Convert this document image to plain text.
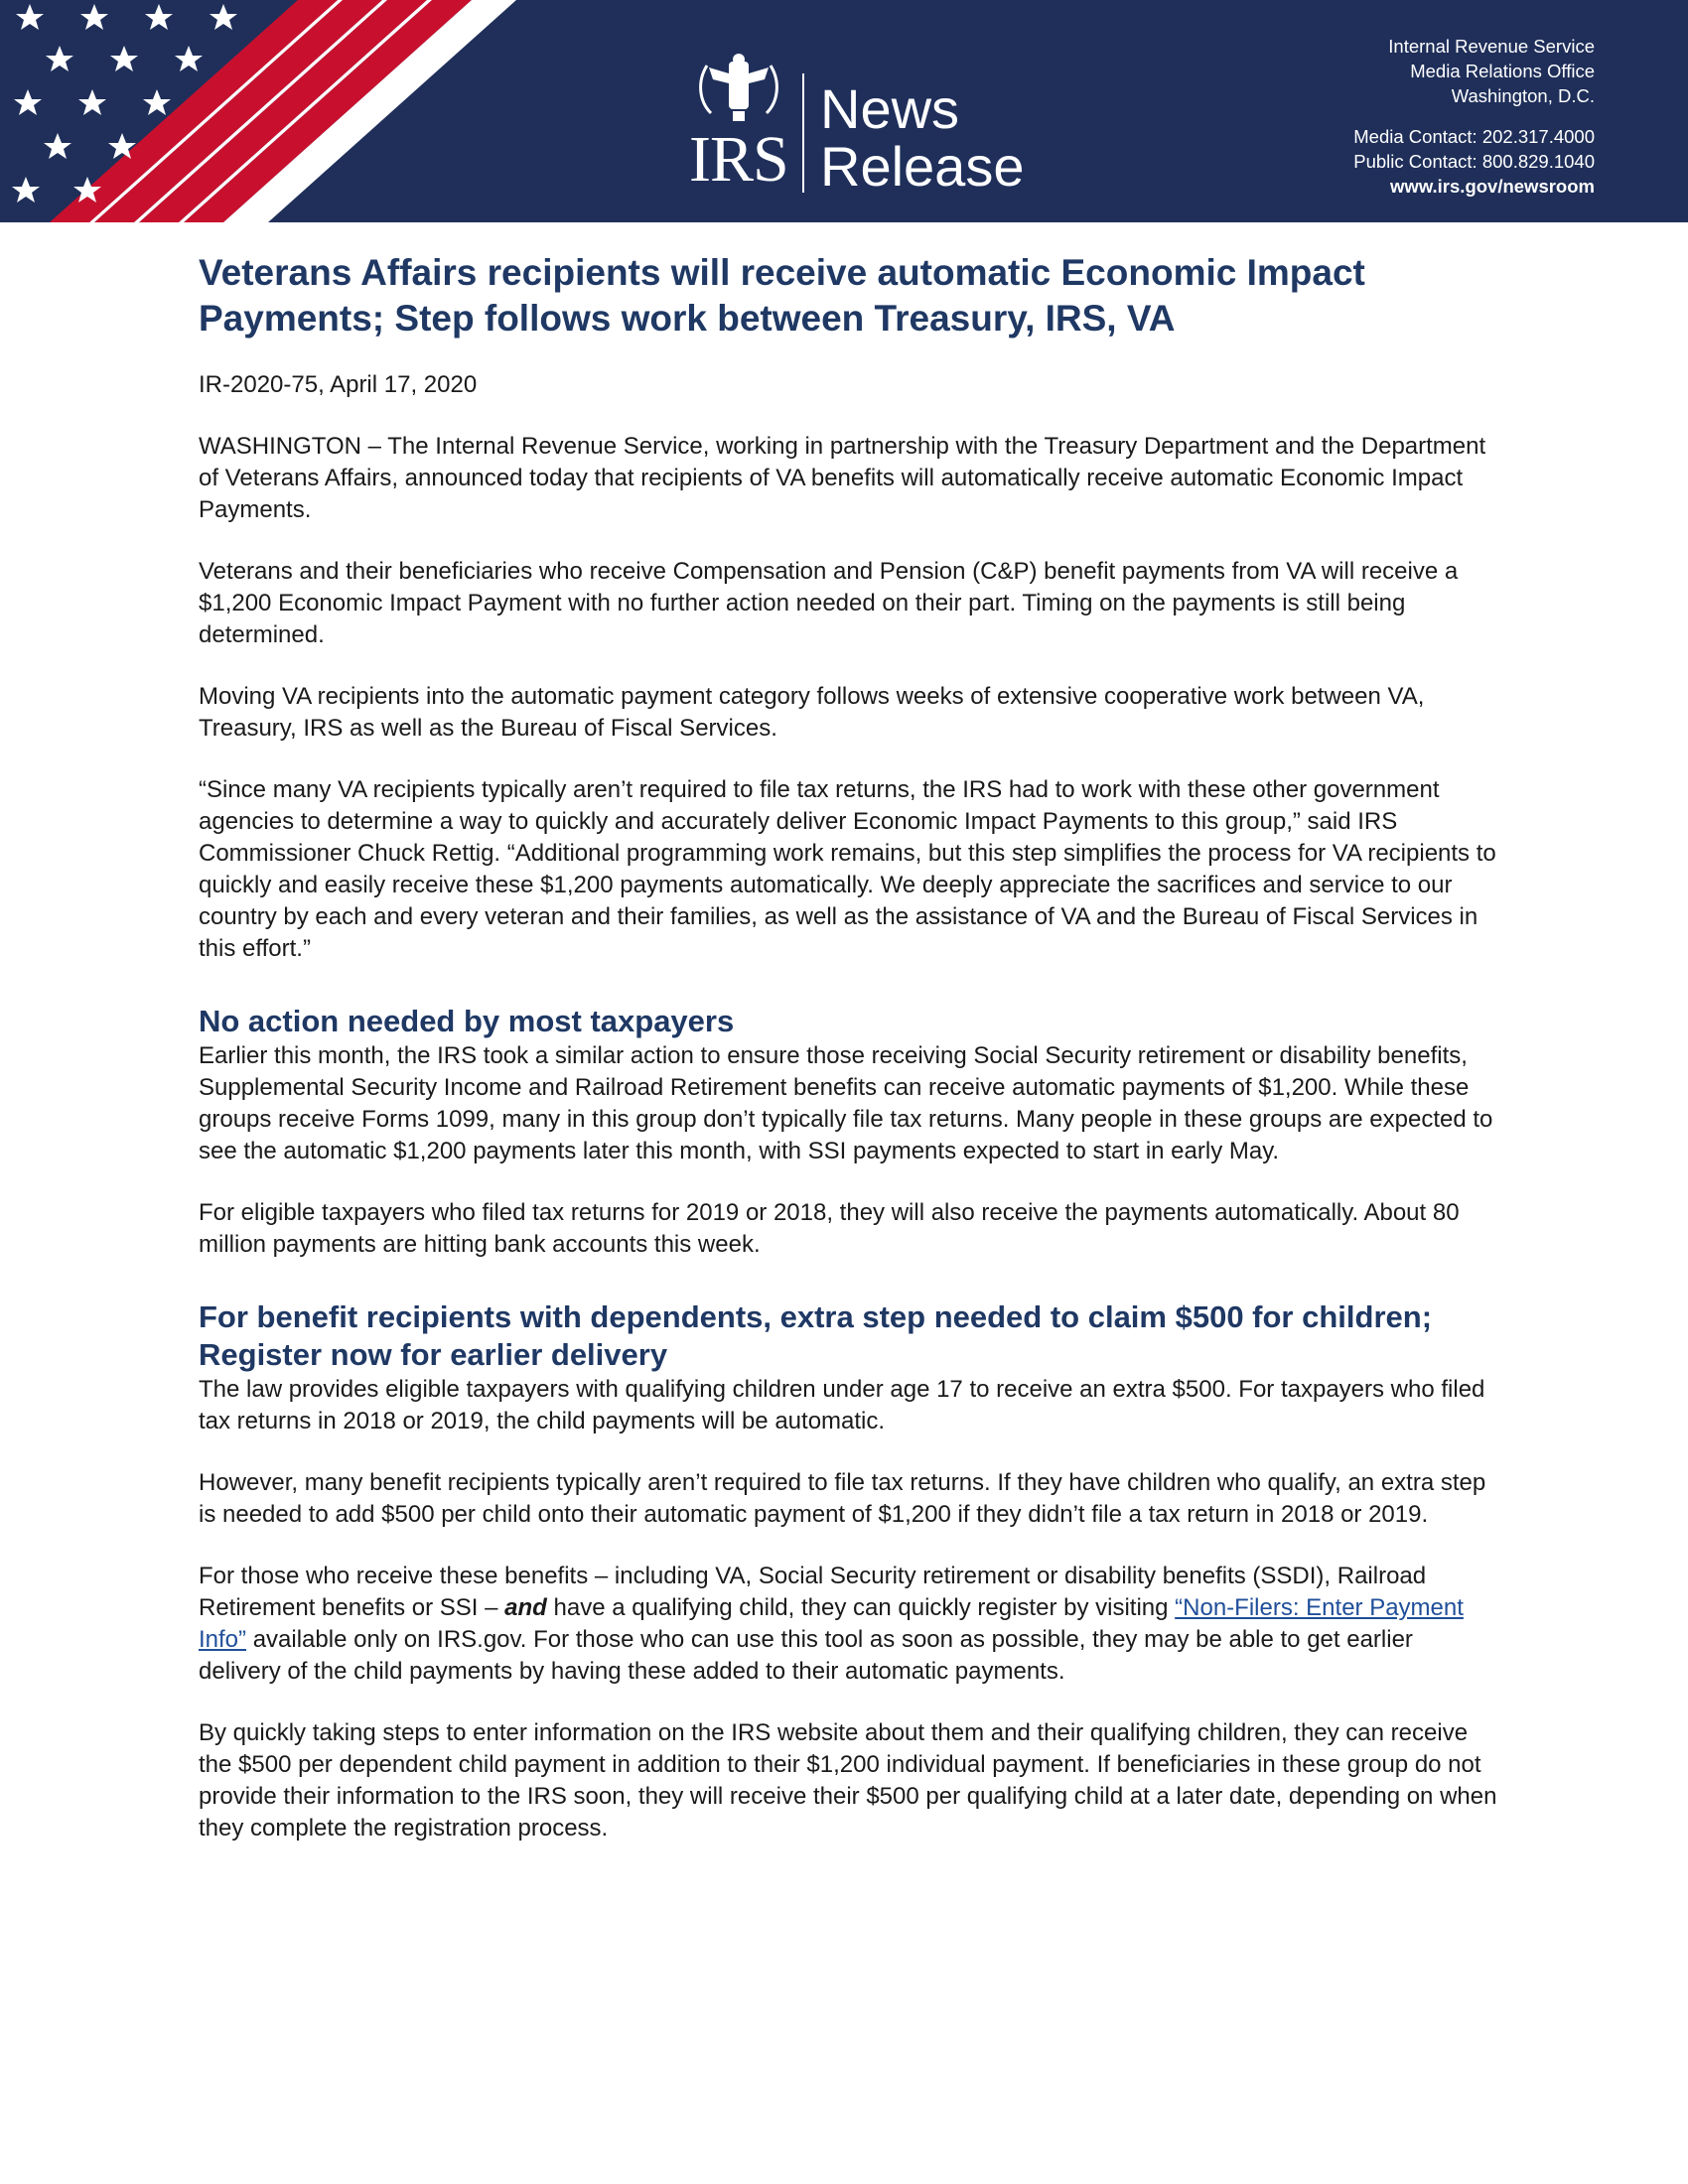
IRS
News
Release
Internal Revenue Service
Media Relations Office
Washington, D.C.
Media Contact: 202.317.4000
Public Contact: 800.829.1040
www.irs.gov/newsroom
Veterans Affairs recipients will receive automatic Economic Impact Payments; Step follows work between Treasury, IRS, VA
IR-2020-75, April 17, 2020

WASHINGTON – The Internal Revenue Service, working in partnership with the Treasury Department and the Department of Veterans Affairs, announced today that recipients of VA benefits will automatically receive automatic Economic Impact Payments.

Veterans and their beneficiaries who receive Compensation and Pension (C&P) benefit payments from VA will receive a $1,200 Economic Impact Payment with no further action needed on their part. Timing on the payments is still being determined.

Moving VA recipients into the automatic payment category follows weeks of extensive cooperative work between VA, Treasury, IRS as well as the Bureau of Fiscal Services.

“Since many VA recipients typically aren’t required to file tax returns, the IRS had to work with these other government agencies to determine a way to quickly and accurately deliver Economic Impact Payments to this group,” said IRS Commissioner Chuck Rettig. “Additional programming work remains, but this step simplifies the process for VA recipients to quickly and easily receive these $1,200 payments automatically. We deeply appreciate the sacrifices and service to our country by each and every veteran and their families, as well as the assistance of VA and the Bureau of Fiscal Services in this effort.”

No action needed by most taxpayers

Earlier this month, the IRS took a similar action to ensure those receiving Social Security retirement or disability benefits, Supplemental Security Income and Railroad Retirement benefits can receive automatic payments of $1,200. While these groups receive Forms 1099, many in this group don’t typically file tax returns. Many people in these groups are expected to see the automatic $1,200 payments later this month, with SSI payments expected to start in early May.

For eligible taxpayers who filed tax returns for 2019 or 2018, they will also receive the payments automatically. About 80 million payments are hitting bank accounts this week.

For benefit recipients with dependents, extra step needed to claim $500 for children; Register now for earlier delivery

The law provides eligible taxpayers with qualifying children under age 17 to receive an extra $500. For taxpayers who filed tax returns in 2018 or 2019, the child payments will be automatic.

However, many benefit recipients typically aren’t required to file tax returns. If they have children who qualify, an extra step is needed to add $500 per child onto their automatic payment of $1,200 if they didn’t file a tax return in 2018 or 2019.

For those who receive these benefits – including VA, Social Security retirement or disability benefits (SSDI), Railroad Retirement benefits or SSI – and have a qualifying child, they can quickly register by visiting “Non-Filers: Enter Payment Info” available only on IRS.gov. For those who can use this tool as soon as possible, they may be able to get earlier delivery of the child payments by having these added to their automatic payments.

By quickly taking steps to enter information on the IRS website about them and their qualifying children, they can receive the $500 per dependent child payment in addition to their $1,200 individual payment. If beneficiaries in these group do not provide their information to the IRS soon, they will receive their $500 per qualifying child at a later date, depending on when they complete the registration process.
